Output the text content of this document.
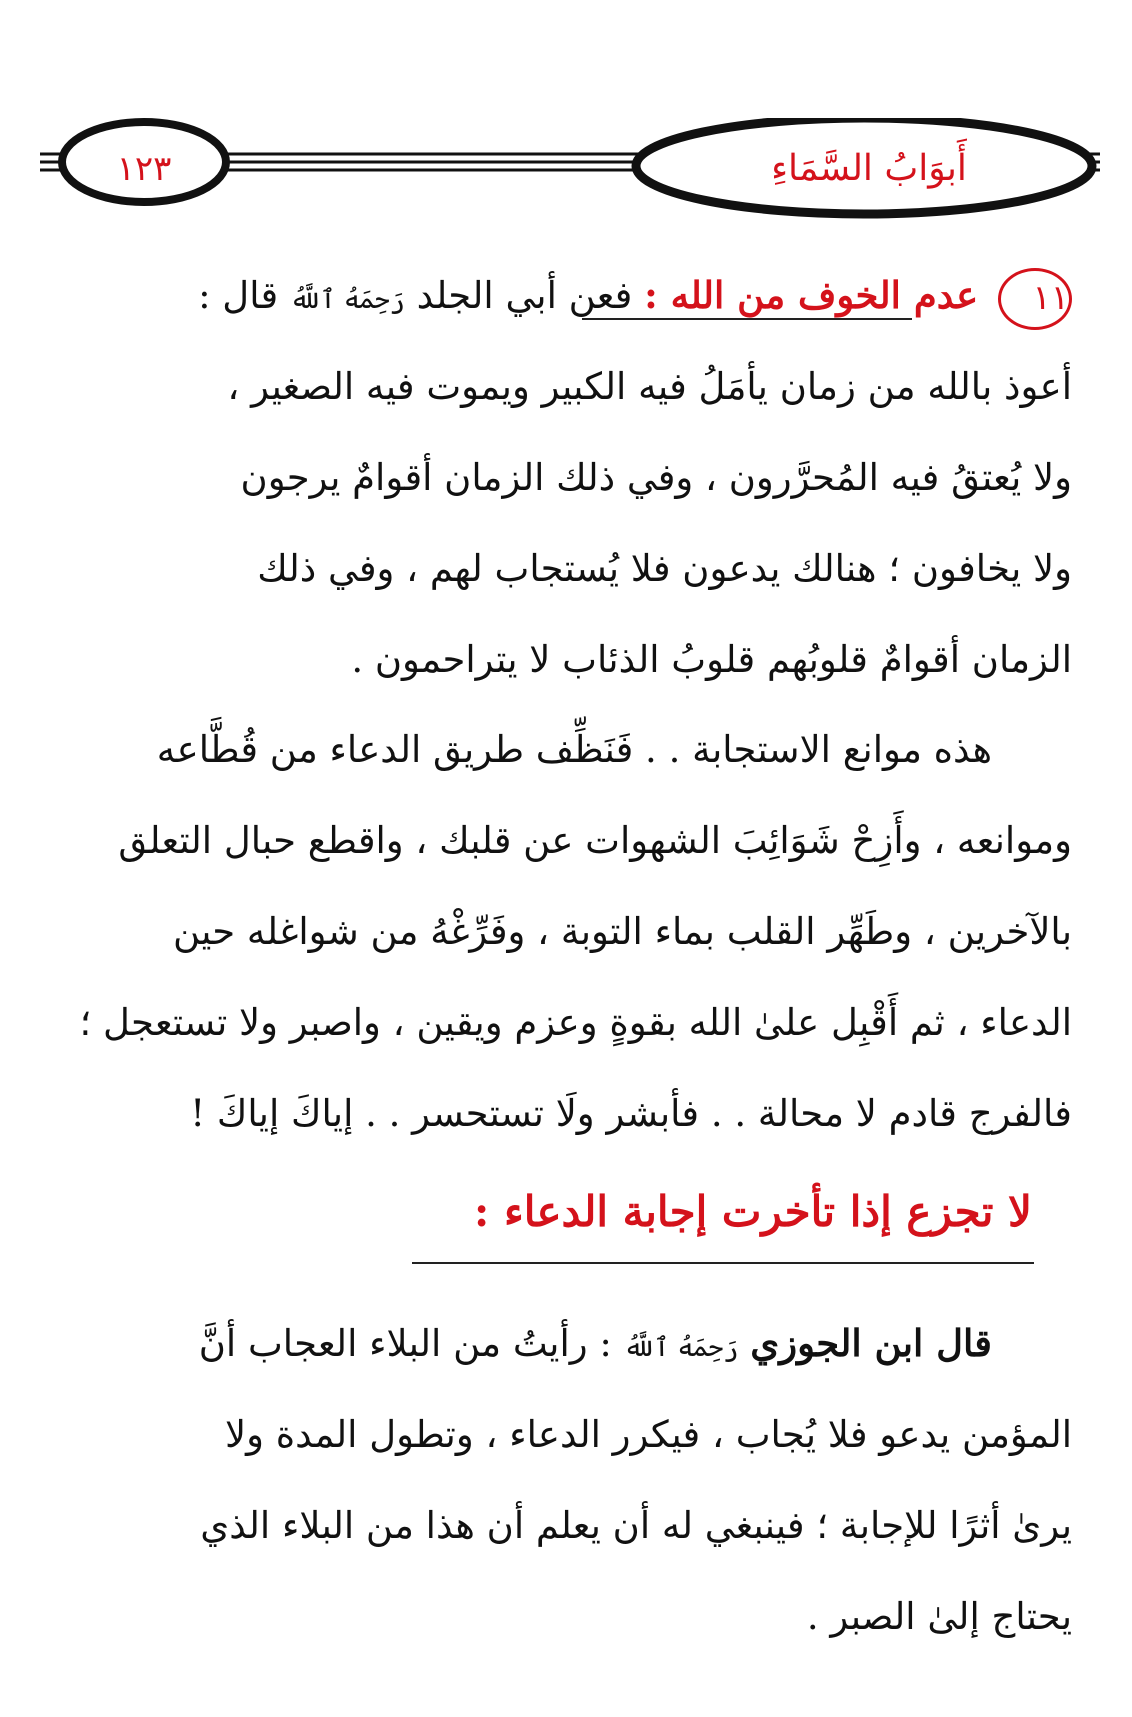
١٢٣	أَبوَابُ السَّمَاءِ
١١ عدم الخوف من الله : فعن أبي الجلد رَحِمَهُ ٱللَّهُ قال :
أعوذ بالله من زمان يأمَلُ فيه الكبير ويموت فيه الصغير ،
ولا يُعتقُ فيه المُحرَّرون ، وفي ذلك الزمان أقوامٌ يرجون
ولا يخافون ؛ هنالك يدعون فلا يُستجاب لهم ، وفي ذلك
الزمان أقوامٌ قلوبُهم قلوبُ الذئاب لا يتراحمون .
هذه موانع الاستجابة . . فَنَظِّف طريق الدعاء من قُطَّاعه
وموانعه ، وأَزِحْ شَوَائِبَ الشهوات عن قلبك ، واقطع حبال التعلق
بالآخرين ، وطَهِّر القلب بماء التوبة ، وفَرِّغْهُ من شواغله حين
الدعاء ، ثم أَقْبِل علىٰ الله بقوةٍ وعزم ويقين ، واصبر ولا تستعجل ؛
فالفرج قادم لا محالة . . فأبشر ولَا تستحسر . . إياكَ إياكَ !
لا تجزع إذا تأخرت إجابة الدعاء :
قال ابن الجوزي رَحِمَهُ ٱللَّهُ : رأيتُ من البلاء العجاب أنَّ
المؤمن يدعو فلا يُجاب ، فيكرر الدعاء ، وتطول المدة ولا
يرىٰ أثرًا للإجابة ؛ فينبغي له أن يعلم أن هذا من البلاء الذي
يحتاج إلىٰ الصبر .
